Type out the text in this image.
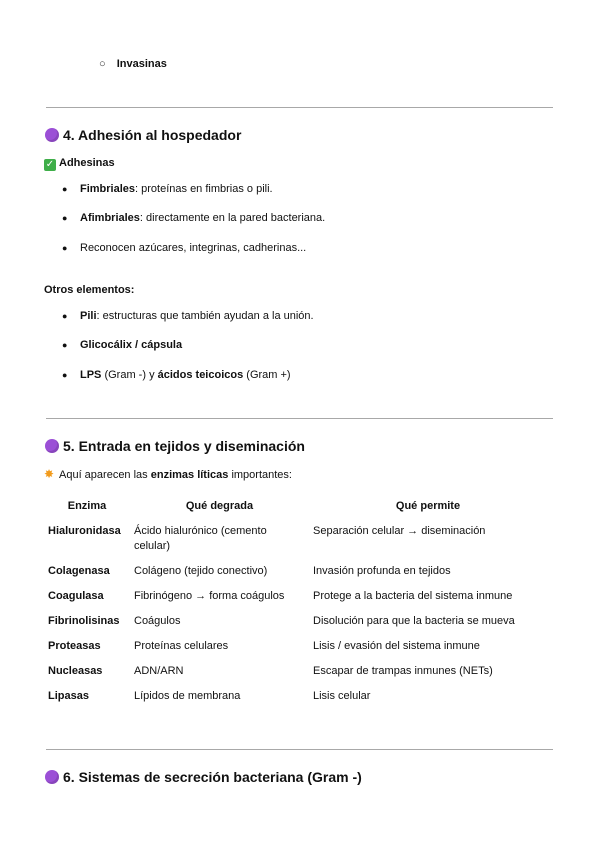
○ Invasinas
4. Adhesión al hospedador
✓ Adhesinas
●	Fimbriales: proteínas en fimbrias o pili.
●	Afimbriales: directamente en la pared bacteriana.
●	Reconocen azúcares, integrinas, cadherinas...
Otros elementos:
●	Pili: estructuras que también ayudan a la unión.
●	Glicocálix / cápsula
●	LPS (Gram -) y ácidos teicoicos (Gram +)
5. Entrada en tejidos y diseminación
✸ Aquí aparecen las enzimas líticas importantes:
Enzima	Qué degrada	Qué permite
Hialuronidasa	Ácido hialurónico (cemento celular)	Separación celular → diseminación
Colagenasa	Colágeno (tejido conectivo)	Invasión profunda en tejidos
Coagulasa	Fibrinógeno → forma coágulos	Protege a la bacteria del sistema inmune
Fibrinolisinas	Coágulos	Disolución para que la bacteria se mueva
Proteasas	Proteínas celulares	Lisis / evasión del sistema inmune
Nucleasas	ADN/ARN	Escapar de trampas inmunes (NETs)
Lipasas	Lípidos de membrana	Lisis celular
6. Sistemas de secreción bacteriana (Gram -)
